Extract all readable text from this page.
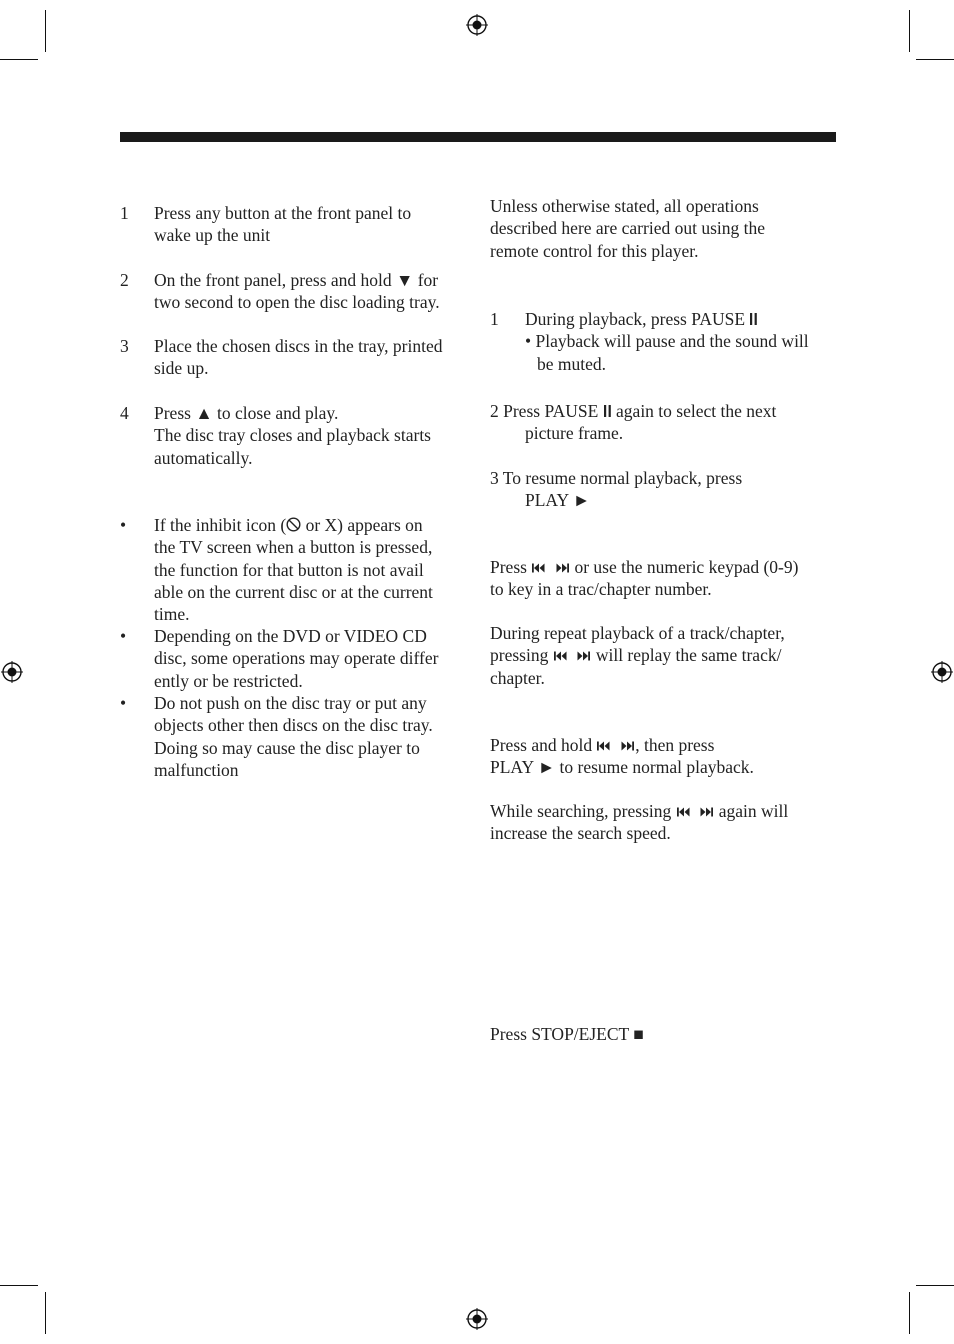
1 Press any button at the front panel to
wake up the unit
2 On the front panel, press and hold ▼ for
two second to open the disc loading tray.
3 Place the chosen discs in the tray, printed
side up.
4 Press ▲ to close and play.
The disc tray closes and playback starts
automatically.
• If the inhibit icon ( or X) appears on
the TV screen when a button is pressed,
the function for that button is not avail
able on the current disc or at the current
time.
• Depending on the DVD or VIDEO CD
disc, some operations may operate differ
ently or be restricted.
• Do not push on the disc tray or put any
objects other then discs on the disc tray.
Doing so may cause the disc player to
malfunction
Unless otherwise stated, all operations
described here are carried out using the
remote control for this player.
1 During playback, press PAUSE
• Playback will pause and the sound will
be muted.
2 Press PAUSE  again to select the next
picture frame.
3 To resume normal playback, press
PLAY ►
Press    or use the numeric keypad (0-9)
to key in a trac/chapter number.
During repeat playback of a track/chapter,
pressing    will replay the same track/
chapter.
Press and hold   , then press
PLAY ► to resume normal playback.
While searching, pressing    again will
increase the search speed.
Press STOP/EJECT ■
